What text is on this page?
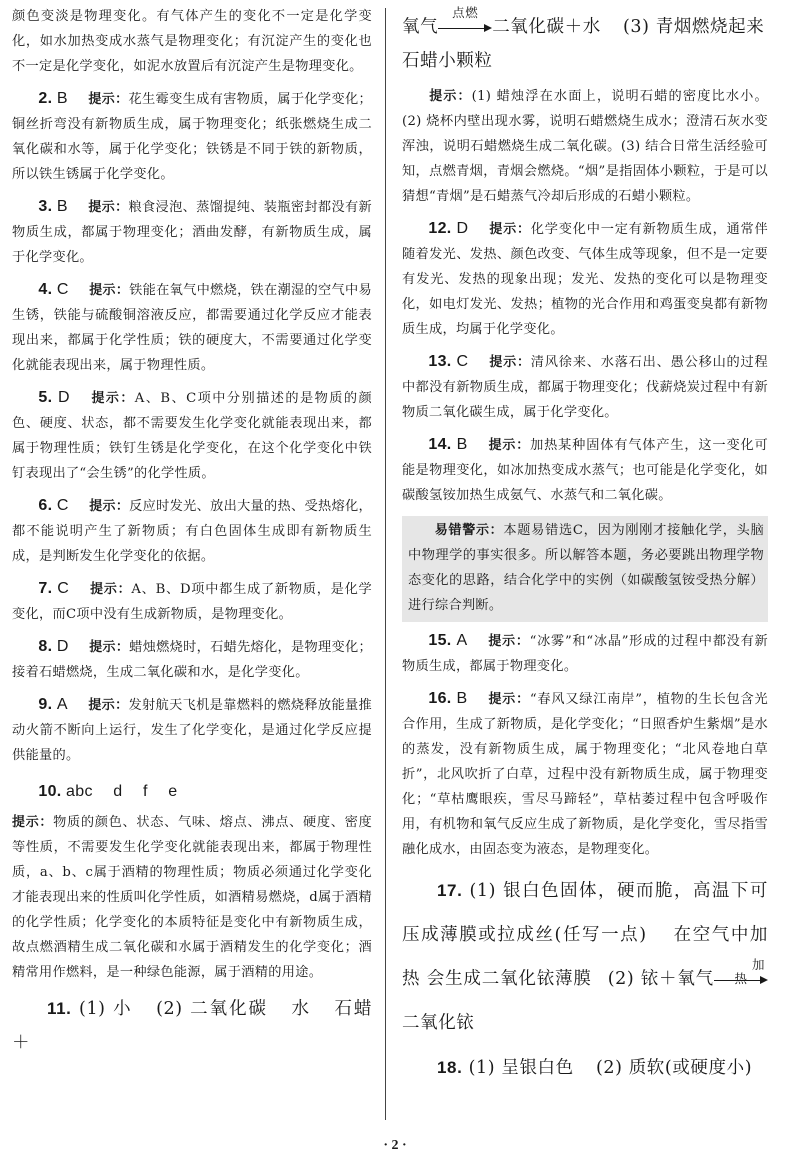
颜色变淡是物理变化。有气体产生的变化不一定是化学变化，如水加热变成水蒸气是物理变化；有沉淀产生的变化也不一定是化学变化，如泥水放置后有沉淀产生是物理变化。

2. B 提示：花生霉变生成有害物质，属于化学变化；铜丝折弯没有新物质生成，属于物理变化；纸张燃烧生成二氧化碳和水等，属于化学变化；铁锈是不同于铁的新物质，所以铁生锈属于化学变化。

3. B 提示：粮食浸泡、蒸馏提纯、装瓶密封都没有新物质生成，都属于物理变化；酒曲发酵，有新物质生成，属于化学变化。

4. C 提示：铁能在氧气中燃烧，铁在潮湿的空气中易生锈，铁能与硫酸铜溶液反应，都需要通过化学反应才能表现出来，都属于化学性质；铁的硬度大，不需要通过化学变化就能表现出来，属于物理性质。

5. D 提示：A、B、C项中分别描述的是物质的颜色、硬度、状态，都不需要发生化学变化就能表现出来，都属于物理性质；铁钉生锈是化学变化，在这个化学变化中铁钉表现出了“会生锈”的化学性质。

6. C 提示：反应时发光、放出大量的热、受热熔化，都不能说明产生了新物质；有白色固体生成即有新物质生成，是判断发生化学变化的依据。

7. C 提示：A、B、D项中都生成了新物质，是化学变化，而C项中没有生成新物质，是物理变化。

8. D 提示：蜡烛燃烧时，石蜡先熔化，是物理变化；接着石蜡燃烧，生成二氧化碳和水，是化学变化。

9. A 提示：发射航天飞机是靠燃料的燃烧释放能量推动火箭不断向上运行，发生了化学变化，是通过化学反应提供能量的。

10. abc d f e

提示：物质的颜色、状态、气味、熔点、沸点、硬度、密度等性质，不需要发生化学变化就能表现出来，都属于物理性质，a、b、c属于酒精的物理性质；物质必须通过化学变化才能表现出来的性质叫化学性质，如酒精易燃烧，d属于酒精的化学性质；化学变化的本质特征是变化中有新物质生成，故点燃酒精生成二氧化碳和水属于酒精发生的化学变化；酒精常用作燃料，是一种绿色能源，属于酒精的用途。

11. (1) 小 (2) 二氧化碳 水 石蜡＋

氧气
点燃
二氧化碳＋水 (3) 青烟燃烧起来

石蜡小颗粒

提示：(1) 蜡烛浮在水面上，说明石蜡的密度比水小。(2) 烧杯内壁出现水雾，说明石蜡燃烧生成水；澄清石灰水变浑浊，说明石蜡燃烧生成二氧化碳。(3) 结合日常生活经验可知，点燃青烟，青烟会燃烧。“烟”是指固体小颗粒，于是可以猜想“青烟”是石蜡蒸气冷却后形成的石蜡小颗粒。

12. D 提示：化学变化中一定有新物质生成，通常伴随着发光、发热、颜色改变、气体生成等现象，但不是一定要有发光、发热的现象出现；发光、发热的变化可以是物理变化，如电灯发光、发热；植物的光合作用和鸡蛋变臭都有新物质生成，均属于化学变化。

13. C 提示：清风徐来、水落石出、愚公移山的过程中都没有新物质生成，都属于物理变化；伐薪烧炭过程中有新物质二氧化碳生成，属于化学变化。

14. B 提示：加热某种固体有气体产生，这一变化可能是物理变化，如冰加热变成水蒸气；也可能是化学变化，如碳酸氢铵加热生成氨气、水蒸气和二氧化碳。

易错警示：本题易错选C，因为刚刚才接触化学，头脑中物理学的事实很多。所以解答本题，务必要跳出物理学物态变化的思路，结合化学中的实例（如碳酸氢铵受热分解）进行综合判断。

15. A 提示：“冰雾”和“冰晶”形成的过程中都没有新物质生成，都属于物理变化。

16. B 提示：“春风又绿江南岸”，植物的生长包含光合作用，生成了新物质，是化学变化；“日照香炉生紫烟”是水的蒸发，没有新物质生成，属于物理变化；“北风卷地白草折”，北风吹折了白草，过程中没有新物质生成，属于物理变化；“草枯鹰眼疾，雪尽马蹄轻”，草枯萎过程中包含呼吸作用，有机物和氧气反应生成了新物质，是化学变化，雪尽指雪融化成水，由固态变为液态，是物理变化。

17. (1) 银白色固体，硬而脆，高温下可压成薄膜或拉成丝(任写一点) 在空气中加热 会生成二氧化铱薄膜 (2) 铱＋氧气
加热
二氧化铱

18. (1) 呈银白色 (2) 质软(或硬度小)

· 2 ·
